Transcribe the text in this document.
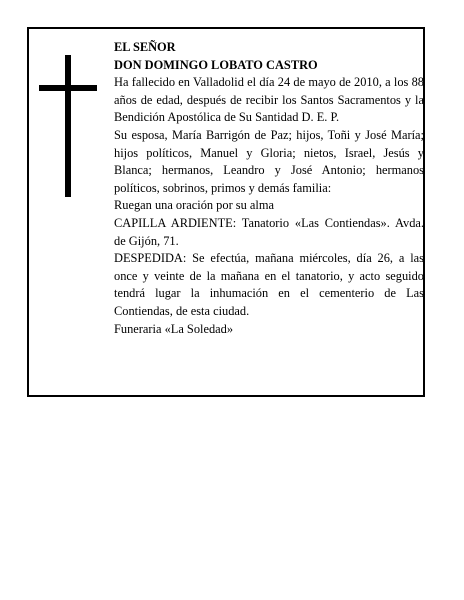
EL SEÑOR

DON DOMINGO LOBATO CASTRO

Ha fallecido en Valladolid el día 24 de mayo de 2010, a los 88 años de edad, después de recibir los Santos Sacramentos y la Bendición Apostólica de Su Santidad D. E. P.

Su esposa, María Barrigón de Paz; hijos, Toñi y José María; hijos políticos, Manuel y Gloria; nietos, Israel, Jesús y Blanca; hermanos, Leandro y José Antonio; hermanos políticos, sobrinos, primos y demás familia:

Ruegan una oración por su alma

CAPILLA ARDIENTE: Tanatorio «Las Contiendas». Avda. de Gijón, 71.

DESPEDIDA: Se efectúa, mañana miércoles, día 26, a las once y veinte de la mañana en el tanatorio, y acto seguido tendrá lugar la inhumación en el cementerio de Las Contiendas, de esta ciudad.

Funeraria «La Soledad»
